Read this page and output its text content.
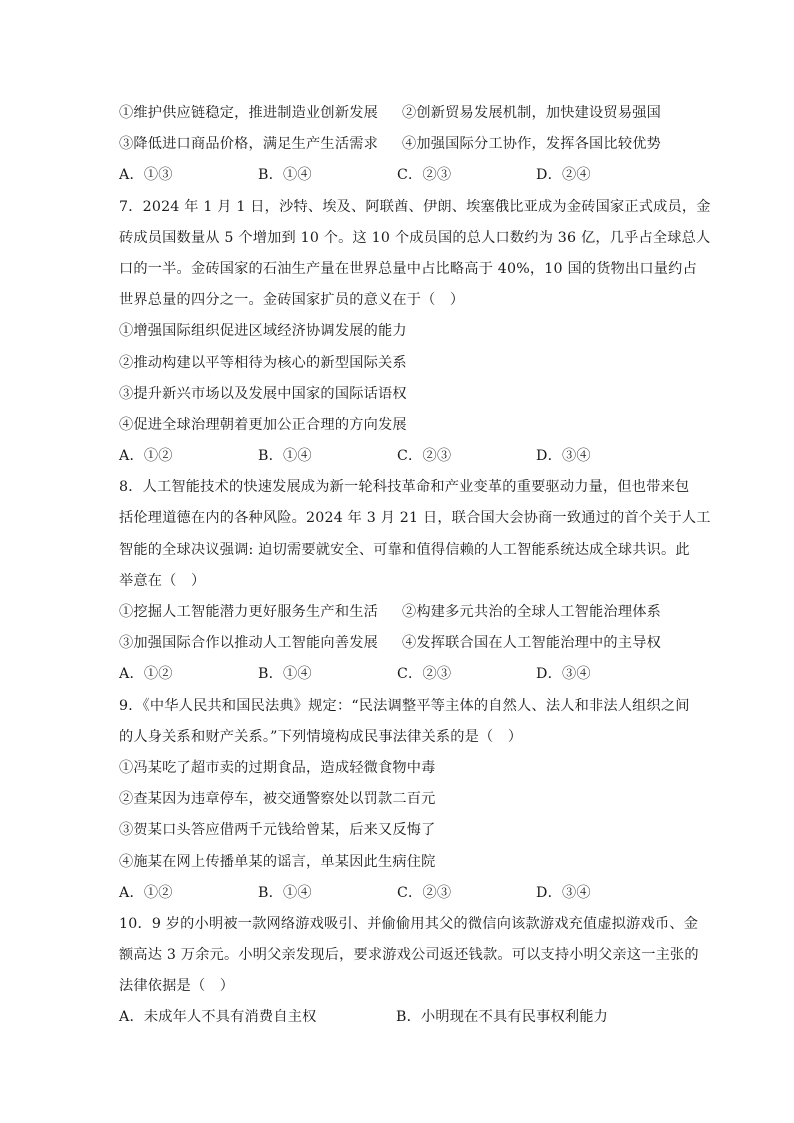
①维护供应链稳定，推进制造业创新发展	②创新贸易发展机制，加快建设贸易强国
③降低进口商品价格，满足生产生活需求	④加强国际分工协作，发挥各国比较优势
A．①③	B．①④	C．②③	D．②④
7．2024 年 1 月 1 日，沙特、埃及、阿联酋、伊朗、埃塞俄比亚成为金砖国家正式成员，金
砖成员国数量从 5 个增加到 10 个。这 10 个成员国的总人口数约为 36 亿，几乎占全球总人
口的一半。金砖国家的石油生产量在世界总量中占比略高于 40%，10 国的货物出口量约占
世界总量的四分之一。金砖国家扩员的意义在于（　）
①增强国际组织促进区域经济协调发展的能力
②推动构建以平等相待为核心的新型国际关系
③提升新兴市场以及发展中国家的国际话语权
④促进全球治理朝着更加公正合理的方向发展
A．①②	B．①④	C．②③	D．③④
8．人工智能技术的快速发展成为新一轮科技革命和产业变革的重要驱动力量，但也带来包
括伦理道德在内的各种风险。2024 年 3 月 21 日，联合国大会协商一致通过的首个关于人工
智能的全球决议强调: 迫切需要就安全、可靠和值得信赖的人工智能系统达成全球共识。此
举意在（　）
①挖掘人工智能潜力更好服务生产和生活	②构建多元共治的全球人工智能治理体系
③加强国际合作以推动人工智能向善发展	④发挥联合国在人工智能治理中的主导权
A．①②	B．①④	C．②③	D．③④
9．《中华人民共和国民法典》规定：“民法调整平等主体的自然人、法人和非法人组织之间
的人身关系和财产关系。”下列情境构成民事法律关系的是（　）
①冯某吃了超市卖的过期食品，造成轻微食物中毒
②查某因为违章停车，被交通警察处以罚款二百元
③贺某口头答应借两千元钱给曾某，后来又反悔了
④施某在网上传播单某的谣言，单某因此生病住院
A．①②	B．①④	C．②③	D．③④
10．9 岁的小明被一款网络游戏吸引、并偷偷用其父的微信向该款游戏充值虚拟游戏币、金
额高达 3 万余元。小明父亲发现后，要求游戏公司返还钱款。可以支持小明父亲这一主张的
法律依据是（　）
A．未成年人不具有消费自主权	B．小明现在不具有民事权利能力
